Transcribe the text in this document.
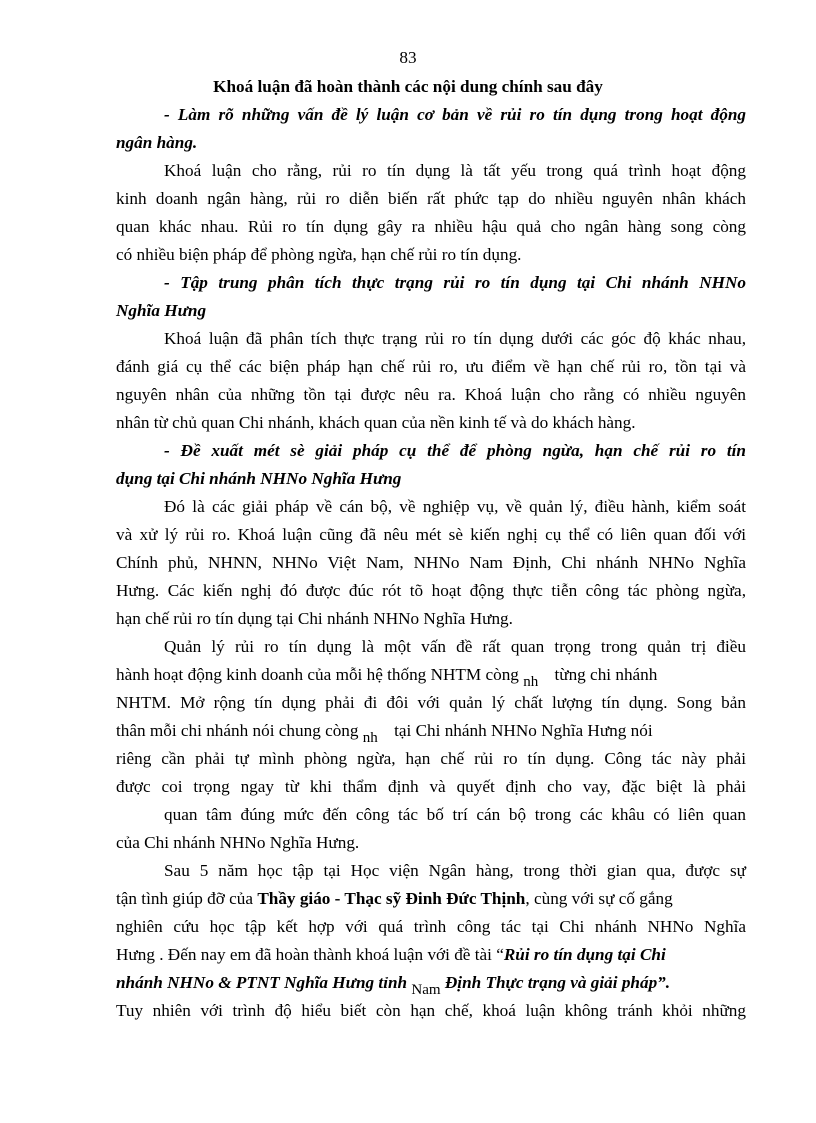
83
Khoá luận đã hoàn thành các nội dung chính sau đây
- Làm rõ những vấn đề lý luận cơ bản về rủi ro tín dụng trong hoạt động
ngân hàng.
Khoá luận cho rằng, rủi ro tín dụng là tất yếu trong quá trình hoạt động
kinh doanh ngân hàng, rủi ro diễn biến rất phức tạp do nhiều nguyên nhân khách
quan khác nhau. Rủi ro tín dụng gây ra nhiều hậu quả cho ngân hàng song còng
có nhiều biện pháp để phòng ngừa, hạn chế rủi ro tín dụng.
- Tập trung phân tích thực trạng rủi ro tín dụng tại Chi nhánh NHNo
Nghĩa Hưng
Khoá luận đã phân tích thực trạng rủi ro tín dụng dưới các góc độ khác nhau,
đánh giá cụ thể các biện pháp hạn chế rủi ro, ưu điểm về hạn chế rủi ro, tồn tại và
nguyên nhân của những tồn tại được nêu ra. Khoá luận cho rằng có nhiều nguyên
nhân từ chủ quan Chi nhánh, khách quan của nền kinh tế và do khách hàng.
- Đề xuất mét sè giải pháp cụ thể để phòng ngừa, hạn chế rủi ro tín
dụng tại Chi nhánh NHNo Nghĩa Hưng
Đó là các giải pháp về cán bộ, về nghiệp vụ, về quản lý, điều hành, kiểm soát
và xử lý rủi ro. Khoá luận cũng đã nêu mét sè kiến nghị cụ thể có liên quan đối với
Chính phủ, NHNN, NHNo Việt Nam, NHNo Nam Định, Chi nhánh NHNo Nghĩa
Hưng. Các kiến nghị đó được đúc rót tõ hoạt động thực tiễn công tác phòng ngừa,
hạn chế rủi ro tín dụng tại Chi nhánh NHNo Nghĩa Hưng.
Quản lý rủi ro tín dụng là một vấn đề rất quan trọng trong quản trị điều
hành hoạt động kinh doanh của mỗi hệ thống NHTM còng nh từng chi nhánh
NHTM. Mở rộng tín dụng phải đi đôi với quản lý chất lượng tín dụng. Song bản
thân mỗi chi nhánh nói chung còng nh tại Chi nhánh NHNo Nghĩa Hưng nói
riêng cần phải tự mình phòng ngừa, hạn chế rủi ro tín dụng. Công tác này phải
được coi trọng ngay từ khi thẩm định và quyết định cho vay, đặc biệt là phải
quan tâm đúng mức đến công tác bố trí cán bộ trong các khâu có liên quan
của Chi nhánh NHNo Nghĩa Hưng.
Sau 5 năm học tập tại Học viện Ngân hàng, trong thời gian qua, được sự
tận tình giúp đỡ của Thầy giáo - Thạc sỹ Đinh Đức Thịnh, cùng với sự cố gắng
nghiên cứu học tập kết hợp với quá trình công tác tại Chi nhánh NHNo Nghĩa
Hưng . Đến nay em đã hoàn thành khoá luận với đề tài “Rủi ro tín dụng tại Chi
nhánh NHNo & PTNT Nghĩa Hưng tỉnh Nam Định Thực trạng và giải pháp”.
Tuy nhiên với trình độ hiểu biết còn hạn chế, khoá luận không tránh khỏi những
